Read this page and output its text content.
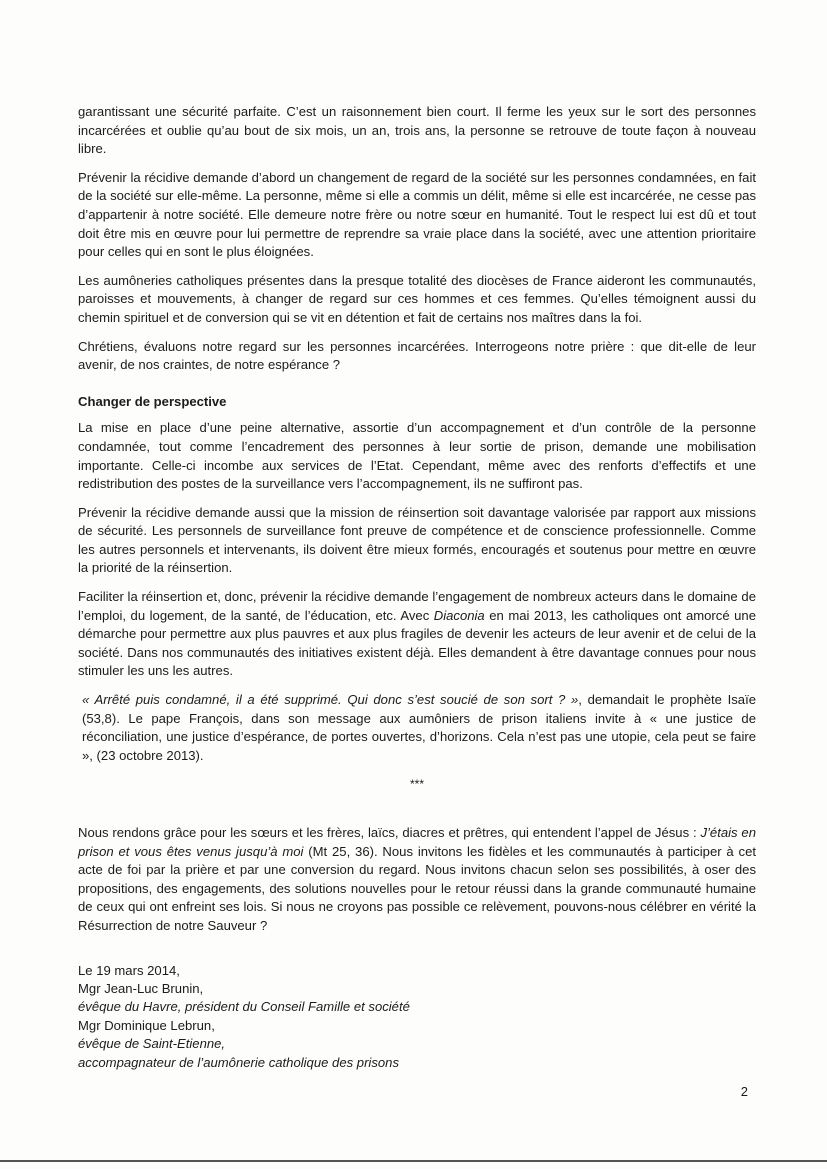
garantissant une sécurité parfaite. C’est un raisonnement bien court. Il ferme les yeux sur le sort des personnes incarcérées et oublie qu’au bout de six mois, un an, trois ans, la personne se retrouve de toute façon à nouveau libre.

Prévenir la récidive demande d’abord un changement de regard de la société sur les personnes condamnées, en fait de la société sur elle-même. La personne, même si elle a commis un délit, même si elle est incarcérée, ne cesse pas d’appartenir à notre société. Elle demeure notre frère ou notre sœur en humanité. Tout le respect lui est dû et tout doit être mis en œuvre pour lui permettre de reprendre sa vraie place dans la société, avec une attention prioritaire pour celles qui en sont le plus éloignées.

Les aumôneries catholiques présentes dans la presque totalité des diocèses de France aideront les communautés, paroisses et mouvements, à changer de regard sur ces hommes et ces femmes. Qu’elles témoignent aussi du chemin spirituel et de conversion qui se vit en détention et fait de certains nos maîtres dans la foi.

Chrétiens, évaluons notre regard sur les personnes incarcérées. Interrogeons notre prière : que dit-elle de leur avenir, de nos craintes, de notre espérance ?

Changer de perspective

La mise en place d’une peine alternative, assortie d’un accompagnement et d’un contrôle de la personne condamnée, tout comme l’encadrement des personnes à leur sortie de prison, demande une mobilisation importante. Celle-ci incombe aux services de l’Etat. Cependant, même avec des renforts d’effectifs et une redistribution des postes de la surveillance vers l’accompagnement, ils ne suffiront pas.

Prévenir la récidive demande aussi que la mission de réinsertion soit davantage valorisée par rapport aux missions de sécurité. Les personnels de surveillance font preuve de compétence et de conscience professionnelle. Comme les autres personnels et intervenants, ils doivent être mieux formés, encouragés et soutenus pour mettre en œuvre la priorité de la réinsertion.

Faciliter la réinsertion et, donc, prévenir la récidive demande l’engagement de nombreux acteurs dans le domaine de l’emploi, du logement, de la santé, de l’éducation, etc. Avec Diaconia en mai 2013, les catholiques ont amorcé une démarche pour permettre aux plus pauvres et aux plus fragiles de devenir les acteurs de leur avenir et de celui de la société. Dans nos communautés des initiatives existent déjà. Elles demandent à être davantage connues pour nous stimuler les uns les autres.

« Arrêté puis condamné, il a été supprimé. Qui donc s’est soucié de son sort ? », demandait le prophète Isaïe (53,8). Le pape François, dans son message aux aumôniers de prison italiens invite à « une justice de réconciliation, une justice d’espérance, de portes ouvertes, d’horizons. Cela n’est pas une utopie, cela peut se faire », (23 octobre 2013).

***

Nous rendons grâce pour les sœurs et les frères, laïcs, diacres et prêtres, qui entendent l’appel de Jésus : J’étais en prison et vous êtes venus jusqu’à moi (Mt 25, 36). Nous invitons les fidèles et les communautés à participer à cet acte de foi par la prière et par une conversion du regard. Nous invitons chacun selon ses possibilités, à oser des propositions, des engagements, des solutions nouvelles pour le retour réussi dans la grande communauté humaine de ceux qui ont enfreint ses lois. Si nous ne croyons pas possible ce relèvement, pouvons-nous célébrer en vérité la Résurrection de notre Sauveur ?

Le 19 mars 2014,
Mgr Jean-Luc Brunin,
évêque du Havre, président du Conseil Famille et société
Mgr Dominique Lebrun,
évêque de Saint-Etienne,
accompagnateur de l’aumônerie catholique des prisons
2
